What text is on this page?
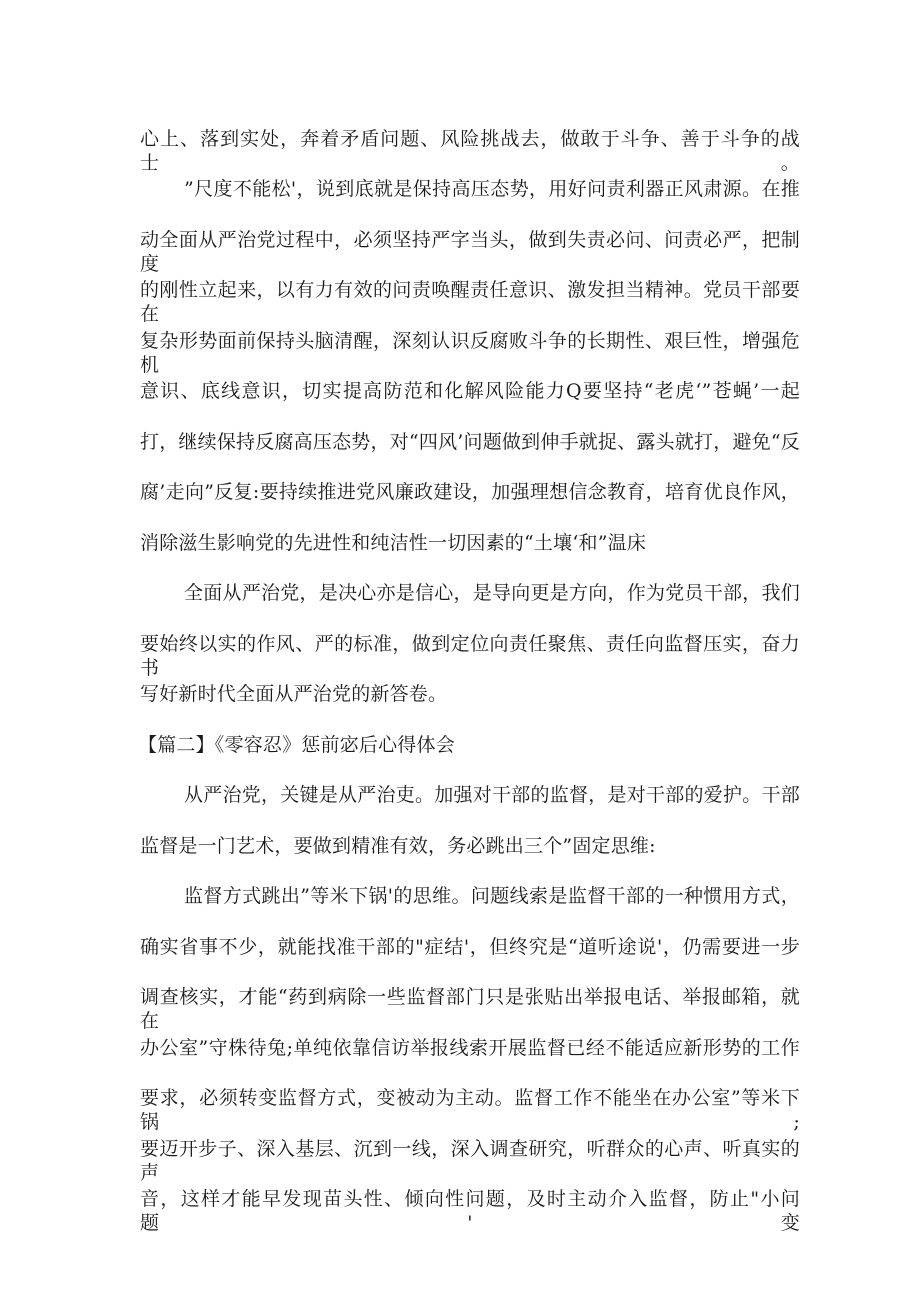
心上、落到实处，奔着矛盾问题、风险挑战去，做敢于斗争、善于斗争的战士。
”尺度不能松'，说到底就是保持高压态势，用好问责利器正风肃源。在推
动全面从严治党过程中，必须坚持严字当头，做到失责必问、问责必严，把制度
的刚性立起来，以有力有效的问责唤醒责任意识、激发担当精神。党员干部要在
复杂形势面前保持头脑清醒，深刻认识反腐败斗争的长期性、艰巨性，增强危机
意识、底线意识，切实提高防范和化解风险能力Q要坚持“老虎‘”苍蝇’一起
打，继续保持反腐高压态势，对“四风’问题做到伸手就捉、露头就打，避免“反
腐’走向”反复:要持续推进党风廉政建设，加强理想信念教育，培育优良作风，
消除滋生影响党的先进性和纯洁性一切因素的“土壤‘和”温床
全面从严治党，是决心亦是信心，是导向更是方向，作为党员干部，我们
要始终以实的作风、严的标准，做到定位向责任聚焦、责任向监督压实，奋力书
写好新时代全面从严治党的新答卷。
【篇二】《零容忍》惩前宓后心得体会
从严治党，关键是从严治吏。加强对干部的监督，是对干部的爱护。干部
监督是一门艺术，要做到精准有效，务必跳出三个”固定思维:
监督方式跳出”等米下锅'的思维。问题线索是监督干部的一种惯用方式，
确实省事不少，就能找准干部的"症结'，但终究是“道听途说'，仍需要进一步
调查核实，才能“药到病除一些监督部门只是张贴出举报电话、举报邮箱，就在
办公室”守株待兔;单纯依靠信访举报线索开展监督已经不能适应新形势的工作
要求，必须转变监督方式，变被动为主动。监督工作不能坐在办公室”等米下锅;
要迈开步子、深入基层、沉到一线，深入调查研究，听群众的心声、听真实的声
音，这样才能早发现苗头性、倾向性问题，及时主动介入监督，防止"小问题'变
